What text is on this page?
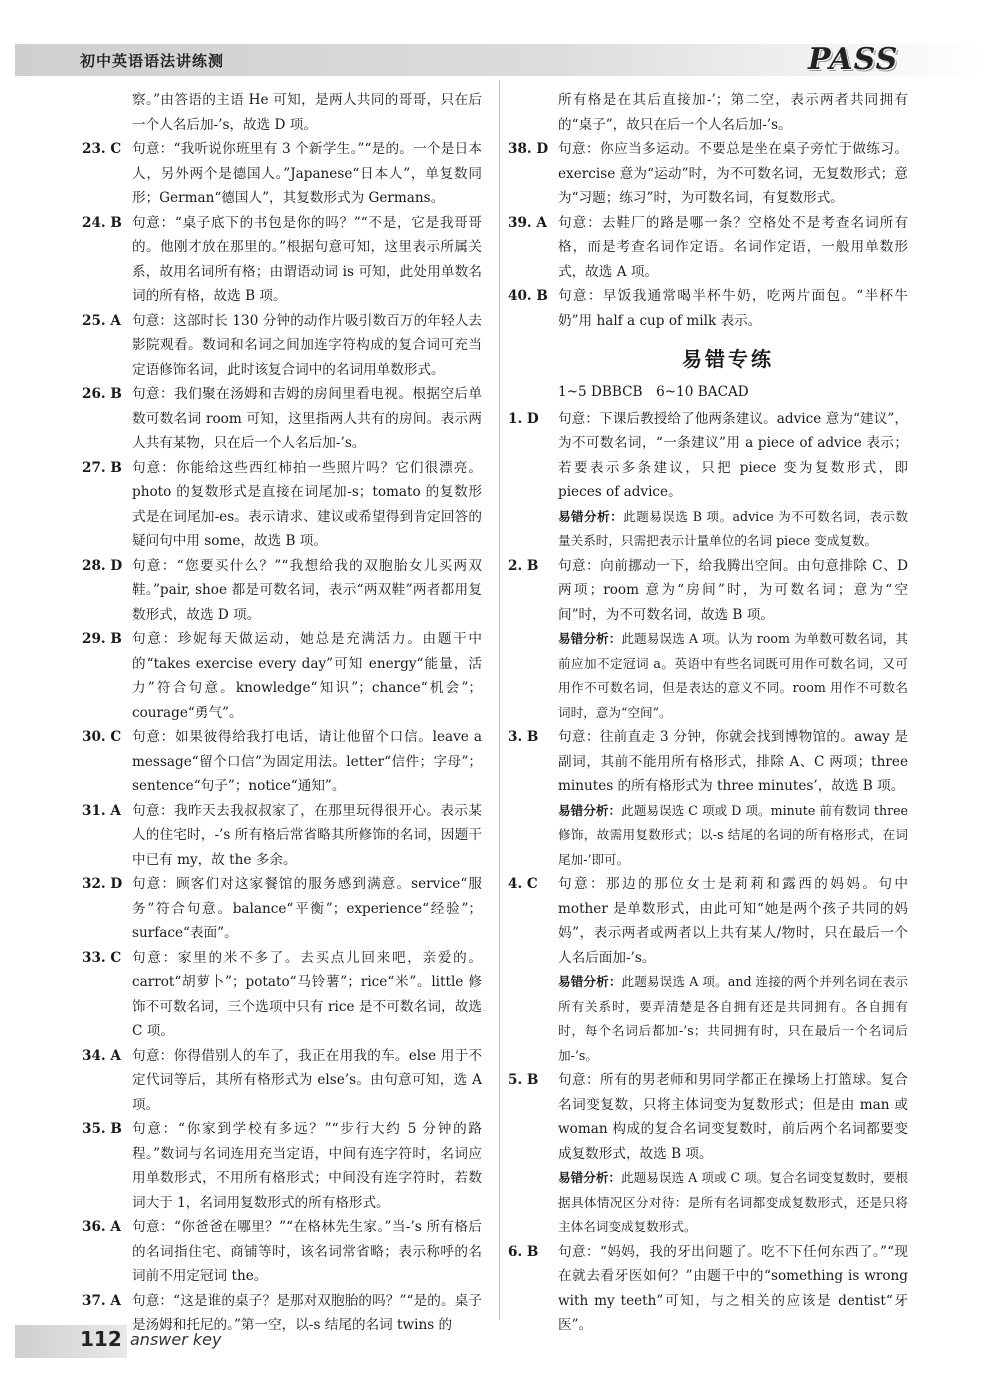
初中英语语法讲练测	PASS
察。”由答语的主语 He 可知，是两人共同的哥哥，只在后一个人名后加-’s，故选 D 项。
23. C 句意：“我听说你班里有 3 个新学生。”“是的。一个是日本人，另外两个是德国人。”Japanese“日本人”，单复数同形；German“德国人”，其复数形式为 Germans。
24. B 句意：“桌子底下的书包是你的吗？”“不是，它是我哥哥的。他刚才放在那里的。”根据句意可知，这里表示所属关系，故用名词所有格；由谓语动词 is 可知，此处用单数名词的所有格，故选 B 项。
25. A 句意：这部时长 130 分钟的动作片吸引数百万的年轻人去影院观看。数词和名词之间加连字符构成的复合词可充当定语修饰名词，此时该复合词中的名词用单数形式。
26. B 句意：我们聚在汤姆和吉姆的房间里看电视。根据空后单数可数名词 room 可知，这里指两人共有的房间。表示两人共有某物，只在后一个人名后加-’s。
27. B 句意：你能给这些西红柿拍一些照片吗？它们很漂亮。photo 的复数形式是直接在词尾加-s；tomato 的复数形式是在词尾加-es。表示请求、建议或希望得到肯定回答的疑问句中用 some，故选 B 项。
28. D 句意：“您要买什么？”“我想给我的双胞胎女儿买两双鞋。”pair, shoe 都是可数名词，表示“两双鞋”两者都用复数形式，故选 D 项。
29. B 句意：珍妮每天做运动，她总是充满活力。由题干中的“takes exercise every day”可知 energy“能量，活力”符合句意。knowledge“知识”；chance“机会”；courage“勇气”。
30. C 句意：如果彼得给我打电话，请让他留个口信。leave a message“留个口信”为固定用法。letter“信件；字母”；sentence“句子”；notice“通知”。
31. A 句意：我昨天去我叔叔家了，在那里玩得很开心。表示某人的住宅时，-’s 所有格后常省略其所修饰的名词，因题干中已有 my，故 the 多余。
32. D 句意：顾客们对这家餐馆的服务感到满意。service“服务”符合句意。balance“平衡”；experience“经验”；surface“表面”。
33. C 句意：家里的米不多了。去买点儿回来吧，亲爱的。carrot“胡萝卜”；potato“马铃薯”；rice“米”。little 修饰不可数名词，三个选项中只有 rice 是不可数名词，故选 C 项。
34. A 句意：你得借别人的车了，我正在用我的车。else 用于不定代词等后，其所有格形式为 else’s。由句意可知，选 A 项。
35. B 句意：“你家到学校有多远？”“步行大约 5 分钟的路程。”数词与名词连用充当定语，中间有连字符时，名词应用单数形式，不用所有格形式；中间没有连字符时，若数词大于 1，名词用复数形式的所有格形式。
36. A 句意：“你爸爸在哪里？”“在格林先生家。”当-’s 所有格后的名词指住宅、商铺等时，该名词常省略；表示称呼的名词前不用定冠词 the。
37. A 句意：“这是谁的桌子？是那对双胞胎的吗？”“是的。桌子是汤姆和托尼的。”第一空，以-s 结尾的名词 twins 的
所有格是在其后直接加-’；第二空，表示两者共同拥有的“桌子”，故只在后一个人名后加-’s。
38. D 句意：你应当多运动。不要总是坐在桌子旁忙于做练习。exercise 意为“运动”时，为不可数名词，无复数形式；意为“习题；练习”时，为可数名词，有复数形式。
39. A 句意：去鞋厂的路是哪一条？空格处不是考查名词所有格，而是考查名词作定语。名词作定语，一般用单数形式，故选 A 项。
40. B 句意：早饭我通常喝半杯牛奶，吃两片面包。“半杯牛奶”用 half a cup of milk 表示。
易错专练
1~5 DBBCB　6~10 BACAD
1. D 句意：下课后教授给了他两条建议。advice 意为“建议”，为不可数名词，“一条建议”用 a piece of advice 表示；若要表示多条建议，只把 piece 变为复数形式，即 pieces of advice。
易错分析：此题易误选 B 项。advice 为不可数名词，表示数量关系时，只需把表示计量单位的名词 piece 变成复数。
2. B 句意：向前挪动一下，给我腾出空间。由句意排除 C、D 两项；room 意为“房间”时，为可数名词；意为“空间”时，为不可数名词，故选 B 项。
易错分析：此题易误选 A 项。认为 room 为单数可数名词，其前应加不定冠词 a。英语中有些名词既可用作可数名词，又可用作不可数名词，但是表达的意义不同。room 用作不可数名词时，意为“空间”。
3. B 句意：往前直走 3 分钟，你就会找到博物馆的。away 是副词，其前不能用所有格形式，排除 A、C 两项；three minutes 的所有格形式为 three minutes’，故选 B 项。
易错分析：此题易误选 C 项或 D 项。minute 前有数词 three 修饰，故需用复数形式；以-s 结尾的名词的所有格形式，在词尾加-’即可。
4. C 句意：那边的那位女士是莉莉和露西的妈妈。句中 mother 是单数形式，由此可知“她是两个孩子共同的妈妈”，表示两者或两者以上共有某人/物时，只在最后一个人名后面加-’s。
易错分析：此题易误选 A 项。and 连接的两个并列名词在表示所有关系时，要弄清楚是各自拥有还是共同拥有。各自拥有时，每个名词后都加-’s；共同拥有时，只在最后一个名词后加-’s。
5. B 句意：所有的男老师和男同学都正在操场上打篮球。复合名词变复数，只将主体词变为复数形式；但是由 man 或 woman 构成的复合名词变复数时，前后两个名词都要变成复数形式，故选 B 项。
易错分析：此题易误选 A 项或 C 项。复合名词变复数时，要根据具体情况区分对待：是所有名词都变成复数形式，还是只将主体名词变成复数形式。
6. B 句意：“妈妈，我的牙出问题了。吃不下任何东西了。”“现在就去看牙医如何？”由题干中的“something is wrong with my teeth”可知，与之相关的应该是 dentist“牙医”。
112 answer key
